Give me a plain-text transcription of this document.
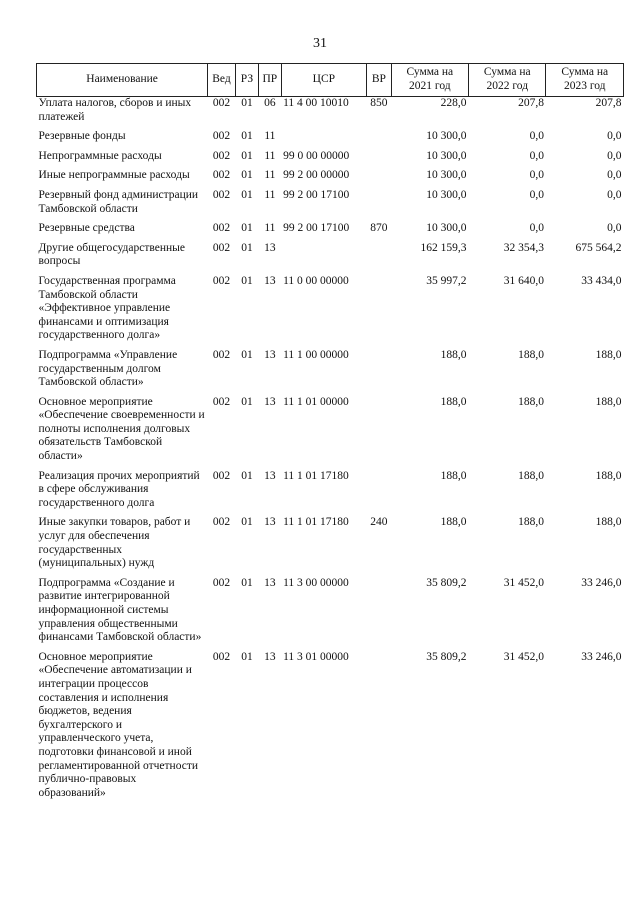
31
Наименование	Вед	РЗ	ПР	ЦСР	ВР	Сумма на 2021 год	Сумма на 2022 год	Сумма на 2023 год
Уплата налогов, сборов и иных платежей	002	01	06	11 4 00 10010	850	228,0	207,8	207,8

Резервные фонды	002	01	11			10 300,0	0,0	0,0

Непрограммные расходы	002	01	11	99 0 00 00000		10 300,0	0,0	0,0

Иные непрограммные расходы	002	01	11	99 2 00 00000		10 300,0	0,0	0,0

Резервный фонд администрации Тамбовской области	002	01	11	99 2 00 17100		10 300,0	0,0	0,0

Резервные средства	002	01	11	99 2 00 17100	870	10 300,0	0,0	0,0

Другие общегосударственные вопросы	002	01	13			162 159,3	32 354,3	675 564,2

Государственная программа Тамбовской области «Эффективное управление финансами и оптимизация государственного долга»	002	01	13	11 0 00 00000		35 997,2	31 640,0	33 434,0

Подпрограмма «Управление государственным долгом Тамбовской области»	002	01	13	11 1 00 00000		188,0	188,0	188,0

Основное мероприятие «Обеспечение своевременности и полноты исполнения долговых обязательств Тамбовской области»	002	01	13	11 1 01 00000		188,0	188,0	188,0

Реализация прочих мероприятий в сфере обслуживания государственного долга	002	01	13	11 1 01 17180		188,0	188,0	188,0

Иные закупки товаров, работ и услуг для обеспечения государственных (муниципальных) нужд	002	01	13	11 1 01 17180	240	188,0	188,0	188,0

Подпрограмма «Создание и развитие интегрированной информационной системы управления общественными финансами Тамбовской области»	002	01	13	11 3 00 00000		35 809,2	31 452,0	33 246,0

Основное мероприятие «Обеспечение автоматизации и интеграции процессов составления и исполнения бюджетов, ведения бухгалтерского и управленческого учета, подготовки финансовой и иной регламентированной отчетности публично-правовых образований»	002	01	13	11 3 01 00000		35 809,2	31 452,0	33 246,0
